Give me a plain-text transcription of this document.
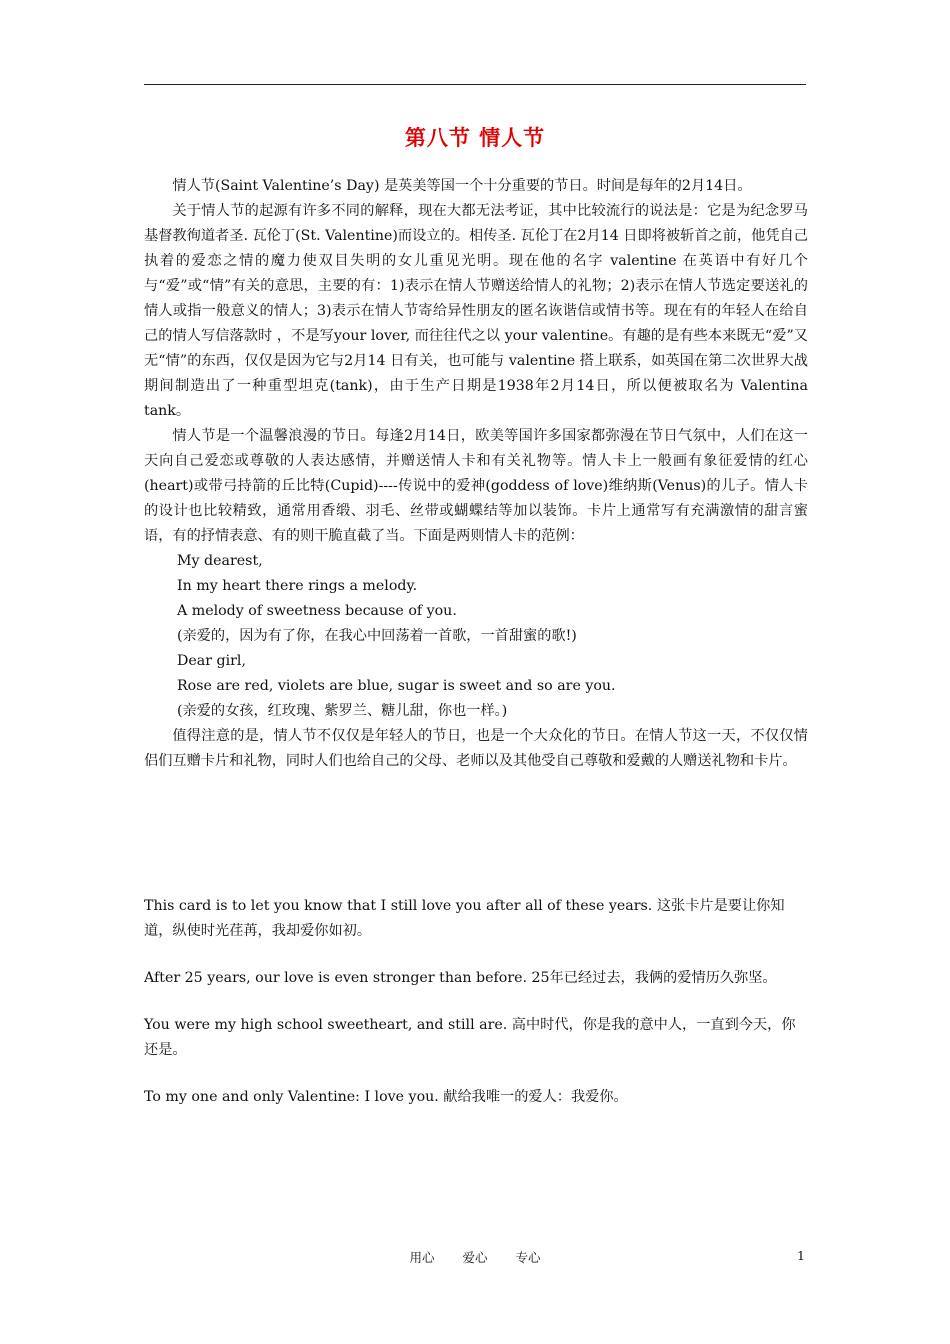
第八节 情人节

情人节(Saint Valentine’s Day) 是英美等国一个十分重要的节日。时间是每年的2月14日。

关于情人节的起源有许多不同的解释，现在大都无法考证，其中比较流行的说法是：它是为纪念罗马基督教徇道者圣. 瓦伦丁(St. Valentine)而设立的。相传圣. 瓦伦丁在2月14 日即将被斩首之前，他凭自己执着的爱恋之情的魔力使双目失明的女儿重见光明。现在他的名字 valentine 在英语中有好几个与“爱”或“情”有关的意思，主要的有：1)表示在情人节赠送给情人的礼物；2)表示在情人节选定要送礼的情人或指一般意义的情人；3)表示在情人节寄给异性朋友的匿名诙谐信或情书等。现在有的年轻人在给自己的情人写信落款时 ，不是写your lover, 而往往代之以 your valentine。有趣的是有些本来既无“爱”又无“情”的东西，仅仅是因为它与2月14 日有关，也可能与 valentine 搭上联系，如英国在第二次世界大战期间制造出了一种重型坦克(tank)，由于生产日期是1938年2月14日，所以便被取名为 Valentina tank。

情人节是一个温馨浪漫的节日。每逢2月14日，欧美等国许多国家都弥漫在节日气氛中，人们在这一天向自己爱恋或尊敬的人表达感情，并赠送情人卡和有关礼物等。情人卡上一般画有象征爱情的红心(heart)或带弓持箭的丘比特(Cupid)----传说中的爱神(goddess of love)维纳斯(Venus)的儿子。情人卡的设计也比较精致，通常用香缎、羽毛、丝带或蝴蝶结等加以装饰。卡片上通常写有充满激情的甜言蜜语，有的抒情表意、有的则干脆直截了当。下面是两则情人卡的范例：

My dearest,

In my heart there rings a melody.

A melody of sweetness because of you.

(亲爱的，因为有了你，在我心中回荡着一首歌，一首甜蜜的歌!)

Dear girl,

Rose are red, violets are blue, sugar is sweet and so are you.

(亲爱的女孩，红玫瑰、紫罗兰、糖儿甜，你也一样。)

值得注意的是，情人节不仅仅是年轻人的节日，也是一个大众化的节日。在情人节这一天，不仅仅情侣们互赠卡片和礼物，同时人们也给自己的父母、老师以及其他受自己尊敬和爱戴的人赠送礼物和卡片。

This card is to let you know that I still love you after all of these years. 这张卡片是要让你知道，纵使时光荏苒，我却爱你如初。

After 25 years, our love is even stronger than before. 25年已经过去，我俩的爱情历久弥坚。

You were my high school sweetheart, and still are. 高中时代，你是我的意中人，一直到今天，你还是。

To my one and only Valentine: I love you. 献给我唯一的爱人：我爱你。

用心 爱心 专心	1
